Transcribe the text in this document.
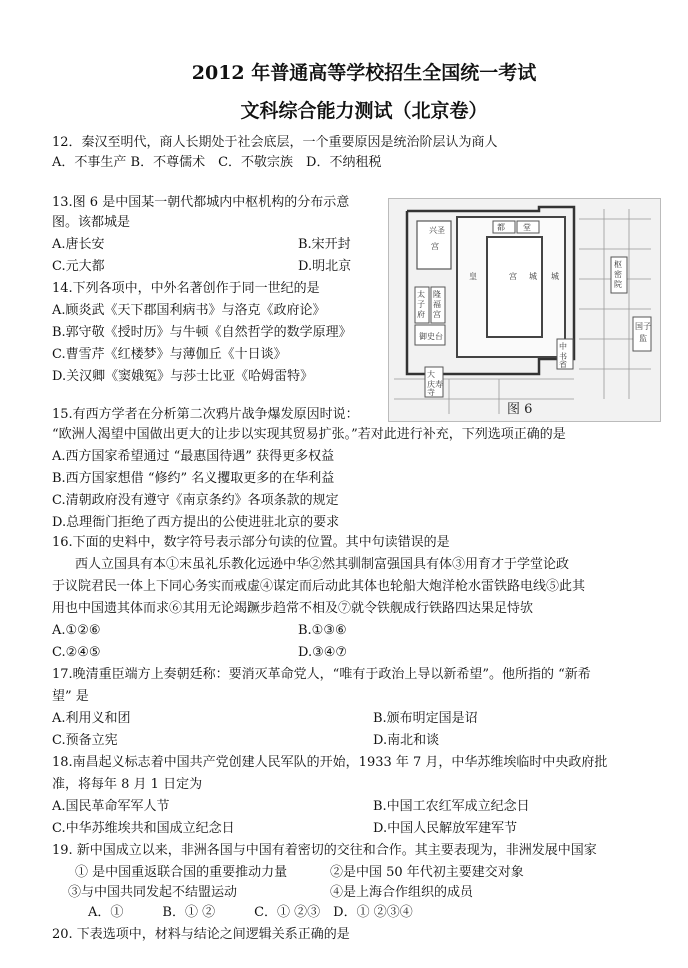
2012 年普通高等学校招生全国统一考试
文科综合能力测试（北京卷）
12．秦汉至明代，商人长期处于社会底层，一个重要原因是统治阶层认为商人
A．不事生产 B．不尊儒术　C．不敬宗族　D．不纳租税
13.图 6 是中国某一朝代都城内中枢机构的分布示意
图。该都城是
A.唐长安	B.宋开封
C.元大都	D.明北京
兴 圣
宫
都 堂
隆
福
宫
太
子
府
御 史 台
大
庆 寿
寺
中
书
省
枢
密
院
宫 城
皇	城
国 子
监
图 6
14.下列各项中，中外名著创作于同一世纪的是
A.顾炎武《天下郡国利病书》与洛克《政府论》
B.郭守敬《授时历》与牛顿《自然哲学的数学原理》
C.曹雪芹《红楼梦》与薄伽丘《十日谈》
D.关汉卿《窦娥冤》与莎士比亚《哈姆雷特》
15.有西方学者在分析第二次鸦片战争爆发原因时说：
“欧洲人渴望中国做出更大的让步以实现其贸易扩张。”若对此进行补充，下列选项正确的是
A.西方国家希望通过 “最惠国待遇” 获得更多权益
B.西方国家想借 “修约” 名义攫取更多的在华利益
C.清朝政府没有遵守《南京条约》各项条款的规定
D.总理衙门拒绝了西方提出的公使进驻北京的要求
16.下面的史料中，数字符号表示部分句读的位置。其中句读错误的是
西人立国具有本①末虽礼乐教化远逊中华②然其驯制富强国具有体③用育才于学堂论政
于议院君民一体上下同心务实而戒虚④谋定而后动此其体也轮船大炮洋枪水雷铁路电线⑤此其
用也中国遗其体而求⑥其用无论竭蹶步趋常不相及⑦就令铁舰成行铁路四达果足恃欤
A.①②⑥	B.①③⑥
C.②④⑤	D.③④⑦
17.晚清重臣端方上奏朝廷称：要消灭革命党人，“唯有于政治上导以新希望”。他所指的 “新希
望” 是
A.利用义和团	B.颁布明定国是诏
C.预备立宪	D.南北和谈
18.南昌起义标志着中国共产党创建人民军队的开始，1933 年 7 月，中华苏维埃临时中央政府批
准，将每年 8 月 1 日定为
A.国民革命军军人节	B.中国工农红军成立纪念日
C.中华苏维埃共和国成立纪念日	D.中国人民解放军建军节
19. 新中国成立以来，非洲各国与中国有着密切的交往和合作。其主要表现为，非洲发展中国家
① 是中国重返联合国的重要推动力量	②是中国 50 年代初主要建交对象
③与中国共同发起不结盟运动	④是上海合作组织的成员
A．①　　　B．① ②　　　C．① ②③　D．① ②③④
20. 下表选项中，材料与结论之间逻辑关系正确的是
